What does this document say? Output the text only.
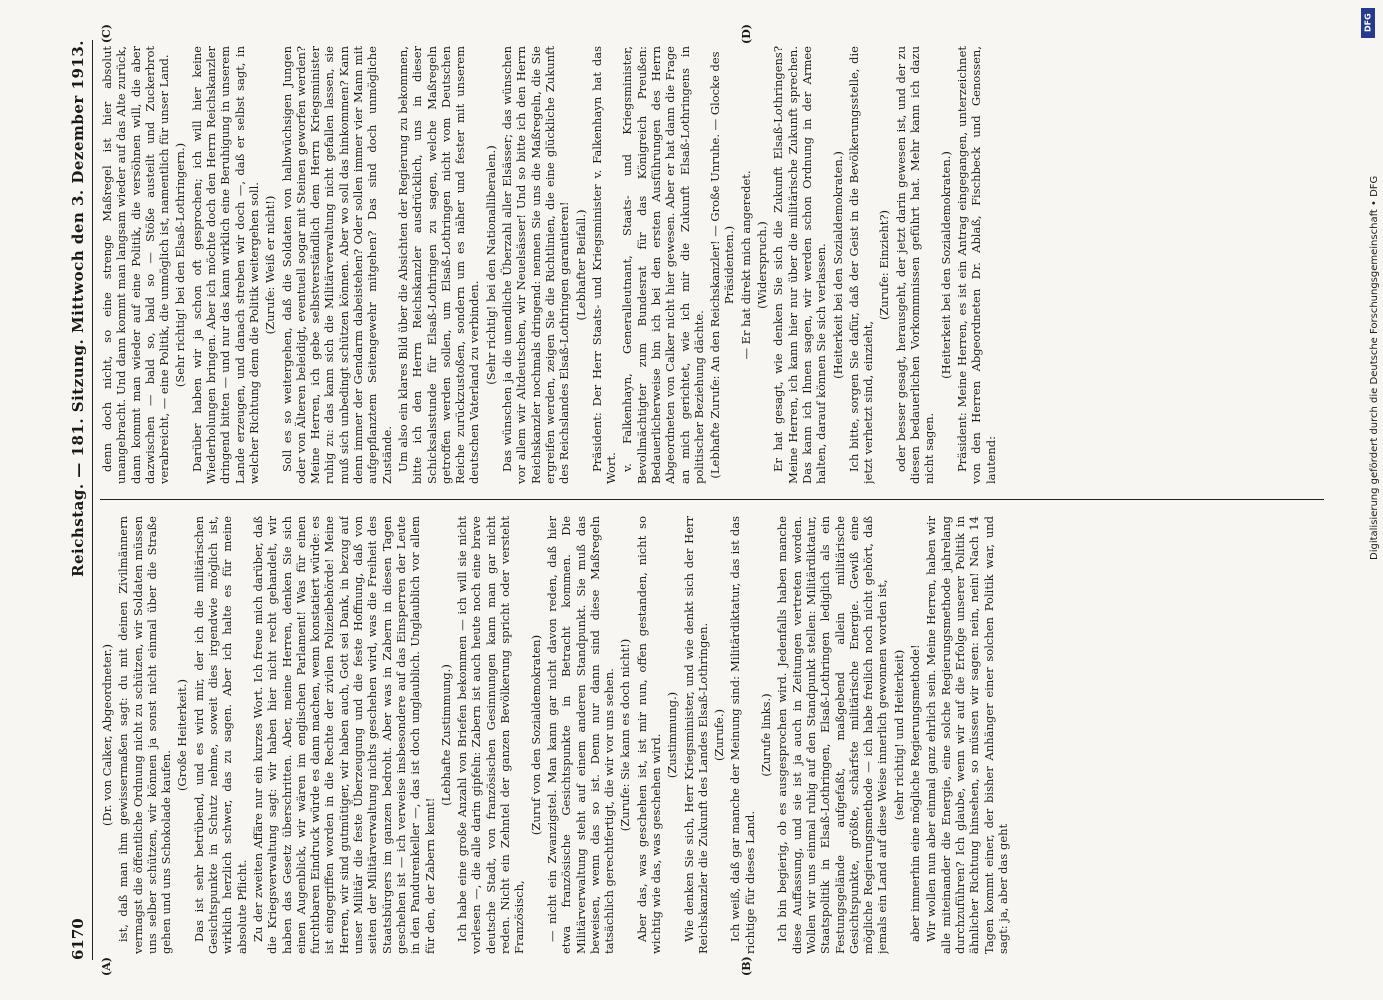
6170
Reichstag. — 181. Sitzung. Mittwoch den 3. Dezember 1913.

(Dr. von Calker, Abgeordneter.) ist, daß man ihm gewissermaßen sagt: du mit deinen Zivilmännern vermagst die öffentliche Ordnung nicht zu schützen, wir Soldaten müssen uns selber schützen, wir können ja sonst nicht einmal über die Straße gehen und uns Schokolade kaufen.

(Große Heiterkeit.) Das ist sehr betrübend, und es wird mir, der ich die militärischen Gesichtspunkte in Schutz nehme, soweit dies irgendwie möglich ist, wirklich herzlich schwer, das zu sagen. Aber ich halte es für meine absolute Pflicht. Zu der zweiten Affäre nur ein kurzes Wort. Ich freue mich darüber, daß die Kriegsverwaltung sagt: wir haben hier nicht recht gehandelt, wir haben das Gesetz überschritten. Aber, meine Herren, denken Sie sich einen Augenblick, wir wären im englischen Parlament! Was für einen furchtbaren Eindruck würde es dann machen, wenn konstatiert würde: es ist eingegriffen worden in die Rechte der zivilen Polizeibehörde! Meine Herren, wir sind gutmütiger, wir haben auch, Gott sei Dank, in bezug auf unser Militär die feste Überzeugung und die feste Hoffnung, daß von seiten der Militärverwaltung nichts geschehen wird, was die Freiheit des Staatsbürgers im ganzen bedroht. Aber was in Zabern in diesen Tagen geschehen ist — ich verweise insbesondere auf das Einsperren der Leute in den Pandurenkeller —, das ist doch unglaublich. Unglaublich vor allem für den, der Zabern kennt!

(Lebhafte Zustimmung.) Ich habe eine große Anzahl von Briefen bekommen — ich will sie nicht vorlesen —, die alle darin gipfeln: Zabern ist auch heute noch eine brave deutsche Stadt, von französischen Gesinnungen kann man gar nicht reden. Nicht ein Zehntel der ganzen Bevölkerung spricht oder versteht Französisch,

(Zuruf von den Sozialdemokraten) — nicht ein Zwanzigstel. Man kann gar nicht davon reden, daß hier etwa französische Gesichtspunkte in Betracht kommen. Die Militärverwaltung steht auf einem anderen Standpunkt. Sie muß das beweisen, wenn das so ist. Denn nur dann sind diese Maßregeln tatsächlich gerechtfertigt, die wir vor uns sehen. (Zurufe: Sie kann es doch nicht!) Aber das, was geschehen ist, ist mir nun, offen gestanden, nicht so wichtig wie das, was geschehen wird. (Zustimmung.) Wie denken Sie sich, Herr Kriegsminister, und wie denkt sich der Herr Reichskanzler die Zukunft des Landes Elsaß-Lothringen. (Zurufe.) Ich weiß, daß gar manche der Meinung sind: Militärdiktatur, das ist das richtige für dieses Land.

(Zurufe links.) Ich bin begierig, ob es ausgesprochen wird. Jedenfalls haben manche diese Auffassung, und sie ist ja auch in Zeitungen vertreten worden. Wollen wir uns einmal ruhig auf den Standpunkt stellen: Militärdiktatur, Staatspolitik in Elsaß-Lothringen, Elsaß-Lothringen lediglich als ein Festungsgelände aufgefaßt, maßgebend allein militärische Gesichtspunkte, größte, schärfste militärische Energie. Gewiß eine mögliche Regierungsmethode — ich habe freilich noch nicht gehört, daß jemals ein Land auf diese Weise innerlich gewonnen worden ist, (sehr richtig! und Heiterkeit) aber immerhin eine mögliche Regierungsmethode! Wir wollen nun aber einmal ganz ehrlich sein. Meine Herren, haben wir alle miteinander die Energie, eine solche Regierungsmethode jahrelang durchzuführen? Ich glaube, wenn wir auf die Erfolge unserer Politik in ähnlicher Richtung hinsehen, so müssen wir sagen: nein, nein! Nach 14 Tagen kommt einer, der bisher Anhänger einer solchen Politik war, und sagt: ja, aber das geht

denn doch nicht, so eine strenge Maßregel ist hier absolut unangebracht. Und dann kommt man langsam wieder auf das Alte zurück, dann kommt man wieder auf eine Politik, die versöhnen will, die aber dazwischen — bald so, bald so — Stöße austeilt und Zuckerbrot verabreicht, — eine Politik, die unmöglich ist, namentlich für unser Land. (Sehr richtig! bei den Elsaß-Lothringern.) Darüber haben wir ja schon oft gesprochen; ich will hier keine Wiederholungen bringen. Aber ich möchte doch den Herrn Reichskanzler dringend bitten — und nur das kann wirklich eine Beruhigung in unserem Lande erzeugen, und danach streben wir doch —, daß er selbst sagt, in welcher Richtung denn die Politik weitergehen soll. (Zurufe: Weiß er nicht!) Soll es so weitergehen, daß die Soldaten von halbwüchsigen Jungen oder von Älteren beleidigt, eventuell sogar mit Steinen geworfen werden? Meine Herren, ich gebe selbstverständlich dem Herrn Kriegsminister ruhig zu: das kann sich die Militärverwaltung nicht gefallen lassen, sie muß sich unbedingt schützen können. Aber wo soll das hinkommen? Kann denn immer der Gendarm dabeistehen? Oder sollen immer vier Mann mit aufgepflanztem Seitengewehr mitgehen? Das sind doch unmögliche Zustände. Um also ein klares Bild über die Absichten der Regierung zu bekommen, bitte ich den Herrn Reichskanzler ausdrücklich, uns in dieser Schicksalsstunde für Elsaß-Lothringen zu sagen, welche Maßregeln getroffen werden sollen, um Elsaß-Lothringen nicht vom Deutschen Reiche zurückzustoßen, sondern um es näher und fester mit unserem deutschen Vaterland zu verbinden. (Sehr richtig! bei den Nationalliberalen.) Das wünschen ja die unendliche Überzahl aller Elsässer; das wünschen vor allem wir Altdeutschen, wir Neuelsässer! Und so bitte ich den Herrn Reichskanzler nochmals dringend: nennen Sie uns die Maßregeln, die Sie ergreifen werden, zeigen Sie die Richtlinien, die eine glückliche Zukunft des Reichslandes Elsaß-Lothringen garantieren! (Lebhafter Beifall.) Präsident: Der Herr Staats- und Kriegsminister v. Falkenhayn hat das Wort. v. Falkenhayn, Generalleutnant, Staats- und Kriegsminister, Bevollmächtigter zum Bundesrat für das Königreich Preußen: Bedauerlicherweise bin ich bei den ersten Ausführungen des Herrn Abgeordneten von Calker nicht hier gewesen. Aber er hat dann die Frage an mich gerichtet, wie ich mir die Zukunft Elsaß-Lothringens in politischer Beziehung dächte. (Lebhafte Zurufe: An den Reichskanzler! — Große Unruhe. — Glocke des Präsidenten.) — Er hat direkt mich angeredet. (Widerspruch.) Er hat gesagt, wie denken Sie sich die Zukunft Elsaß-Lothringens? Meine Herren, ich kann hier nur über die militärische Zukunft sprechen. Das kann ich Ihnen sagen, wir werden schon Ordnung in der Armee halten, darauf können Sie sich verlassen. (Heiterkeit bei den Sozialdemokraten.) Ich bitte, sorgen Sie dafür, daß der Geist in die Bevölkerungsstelle, die jetzt verhetzt sind, einzieht,

(Zurufe: Einzieht?) oder besser gesagt, herausgeht, der jetzt darin gewesen ist, und der zu diesen bedauerlichen Vorkommnissen geführt hat. Mehr kann ich dazu nicht sagen.

(Heiterkeit bei den Sozialdemokraten.) Präsident: Meine Herren, es ist ein Antrag eingegangen, unterzeichnet von den Herren Abgeordneten Dr. Ablaß, Fischbeck und Genossen, lautend:

(A)	(B)
(C)	(D)
DFG
Digitalisierung gefördert durch die Deutsche Forschungsgemeinschaft • DFG
